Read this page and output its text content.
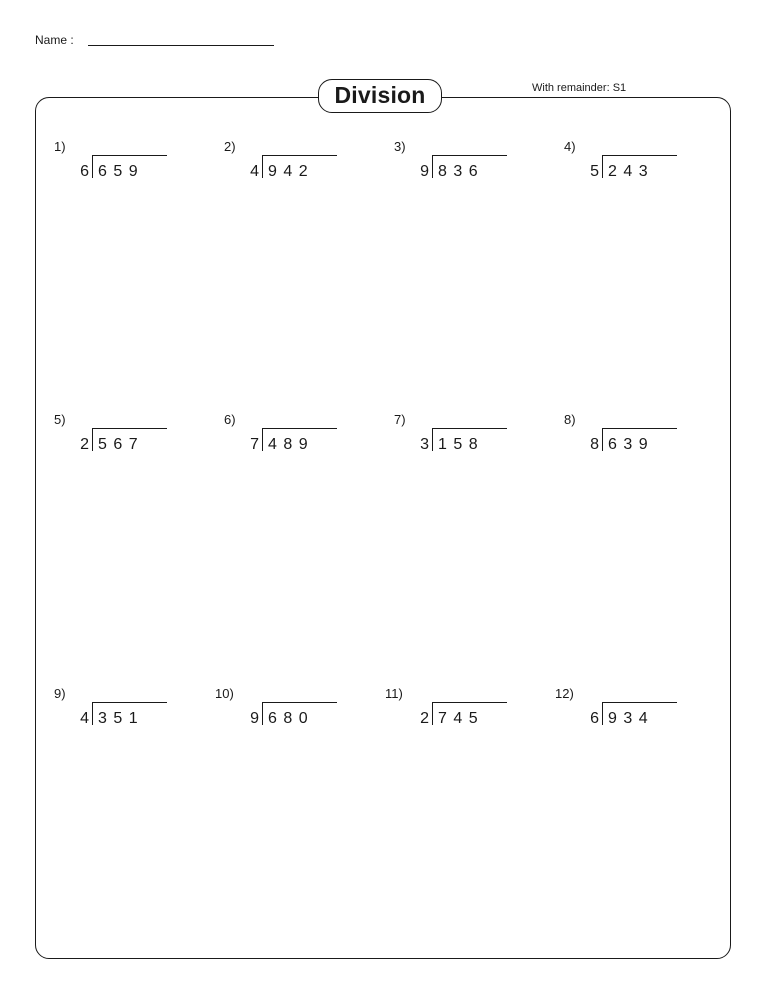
Name :
Division	With remainder: S1
1)
6 659
2)
4 942
3)
9 836
4)
5 243
5)
2 567
6)
7 489
7)
3 158
8)
8 639
9)
4 351
10)
9 680
11)
2 745
12)
6 934
